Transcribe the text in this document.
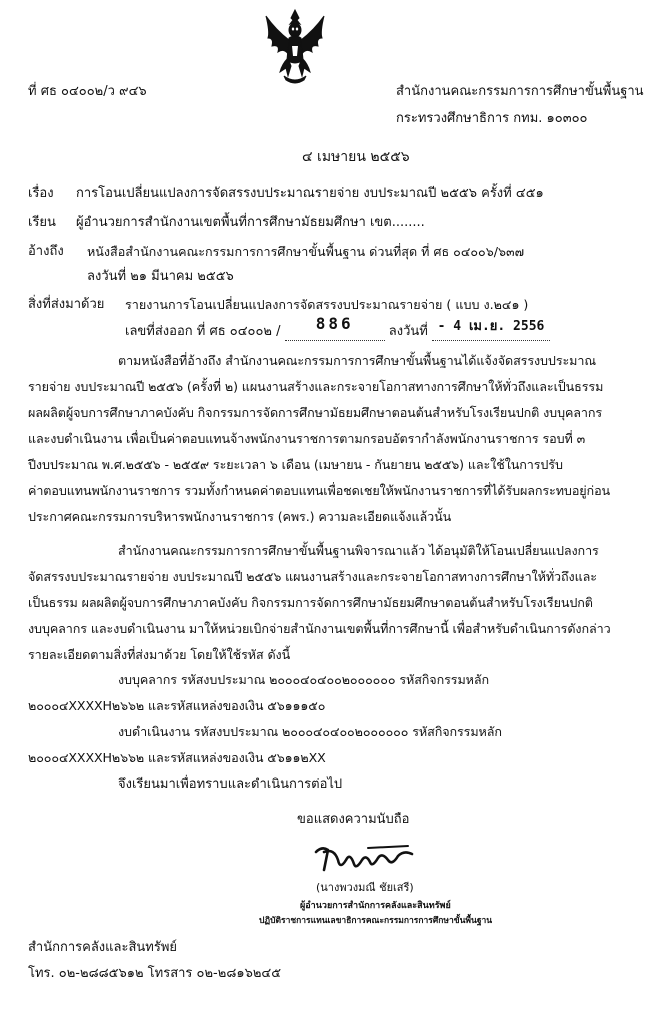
ที่ ศธ ๐๔๐๐๒/ว ๙๔๖	สำนักงานคณะกรรมการการศึกษาขั้นพื้นฐาน
กระทรวงศึกษาธิการ กทม. ๑๐๓๐๐
๔ เมษายน ๒๕๕๖
เรื่อง การโอนเปลี่ยนแปลงการจัดสรรงบประมาณรายจ่าย งบประมาณปี ๒๕๕๖ ครั้งที่ ๔๕๑
เรียน ผู้อำนวยการสำนักงานเขตพื้นที่การศึกษามัธยมศึกษา เขต........
อ้างถึง หนังสือสำนักงานคณะกรรมการการศึกษาขั้นพื้นฐาน ด่วนที่สุด ที่ ศธ ๐๔๐๐๖/๖๓๗
ลงวันที่ ๒๑ มีนาคม ๒๕๕๖
สิ่งที่ส่งมาด้วย รายงานการโอนเปลี่ยนแปลงการจัดสรรงบประมาณรายจ่าย ( แบบ ง.๒๔๑ )
เลขที่ส่งออก ที่ ศธ ๐๔๐๐๒ / 886	ลงวันที่ - 4 เม.ย. 2556
ตามหนังสือที่อ้างถึง สำนักงานคณะกรรมการการศึกษาขั้นพื้นฐานได้แจ้งจัดสรรงบประมาณ
รายจ่าย งบประมาณปี ๒๕๕๖ (ครั้งที่ ๒) แผนงานสร้างและกระจายโอกาสทางการศึกษาให้ทั่วถึงและเป็นธรรม
ผลผลิตผู้จบการศึกษาภาคบังคับ กิจกรรมการจัดการศึกษามัธยมศึกษาตอนต้นสำหรับโรงเรียนปกติ งบบุคลากร
และงบดำเนินงาน เพื่อเป็นค่าตอบแทนจ้างพนักงานราชการตามกรอบอัตรากำลังพนักงานราชการ รอบที่ ๓
ปีงบประมาณ พ.ศ.๒๕๕๖ - ๒๕๕๙ ระยะเวลา ๖ เดือน (เมษายน - กันยายน ๒๕๕๖) และใช้ในการปรับ
ค่าตอบแทนพนักงานราชการ รวมทั้งกำหนดค่าตอบแทนเพื่อชดเชยให้พนักงานราชการที่ได้รับผลกระทบอยู่ก่อน
ประกาศคณะกรรมการบริหารพนักงานราชการ (คพร.) ความละเอียดแจ้งแล้วนั้น
สำนักงานคณะกรรมการการศึกษาขั้นพื้นฐานพิจารณาแล้ว ได้อนุมัติให้โอนเปลี่ยนแปลงการ
จัดสรรงบประมาณรายจ่าย งบประมาณปี ๒๕๕๖ แผนงานสร้างและกระจายโอกาสทางการศึกษาให้ทั่วถึงและ
เป็นธรรม ผลผลิตผู้จบการศึกษาภาคบังคับ กิจกรรมการจัดการศึกษามัธยมศึกษาตอนต้นสำหรับโรงเรียนปกติ
งบบุคลากร และงบดำเนินงาน มาให้หน่วยเบิกจ่ายสำนักงานเขตพื้นที่การศึกษานี้ เพื่อสำหรับดำเนินการดังกล่าว
รายละเอียดตามสิ่งที่ส่งมาด้วย โดยให้ใช้รหัส ดังนี้
งบบุคลากร รหัสงบประมาณ ๒๐๐๐๔๐๔๐๐๒๐๐๐๐๐๐ รหัสกิจกรรมหลัก
๒๐๐๐๔XXXXH๒๖๖๒ และรหัสแหล่งของเงิน ๕๖๑๑๑๕๐
งบดำเนินงาน รหัสงบประมาณ ๒๐๐๐๔๐๔๐๐๒๐๐๐๐๐๐ รหัสกิจกรรมหลัก
๒๐๐๐๔XXXXH๒๖๖๒ และรหัสแหล่งของเงิน ๕๖๑๑๒XX
จึงเรียนมาเพื่อทราบและดำเนินการต่อไป
ขอแสดงความนับถือ
(นางพวงมณี ชัยเสรี)
ผู้อำนวยการสำนักการคลังและสินทรัพย์
ปฏิบัติราชการแทนเลขาธิการคณะกรรมการการศึกษาขั้นพื้นฐาน
สำนักการคลังและสินทรัพย์
โทร. ๐๒-๒๘๘๕๖๑๒ โทรสาร ๐๒-๒๘๑๖๒๔๕
